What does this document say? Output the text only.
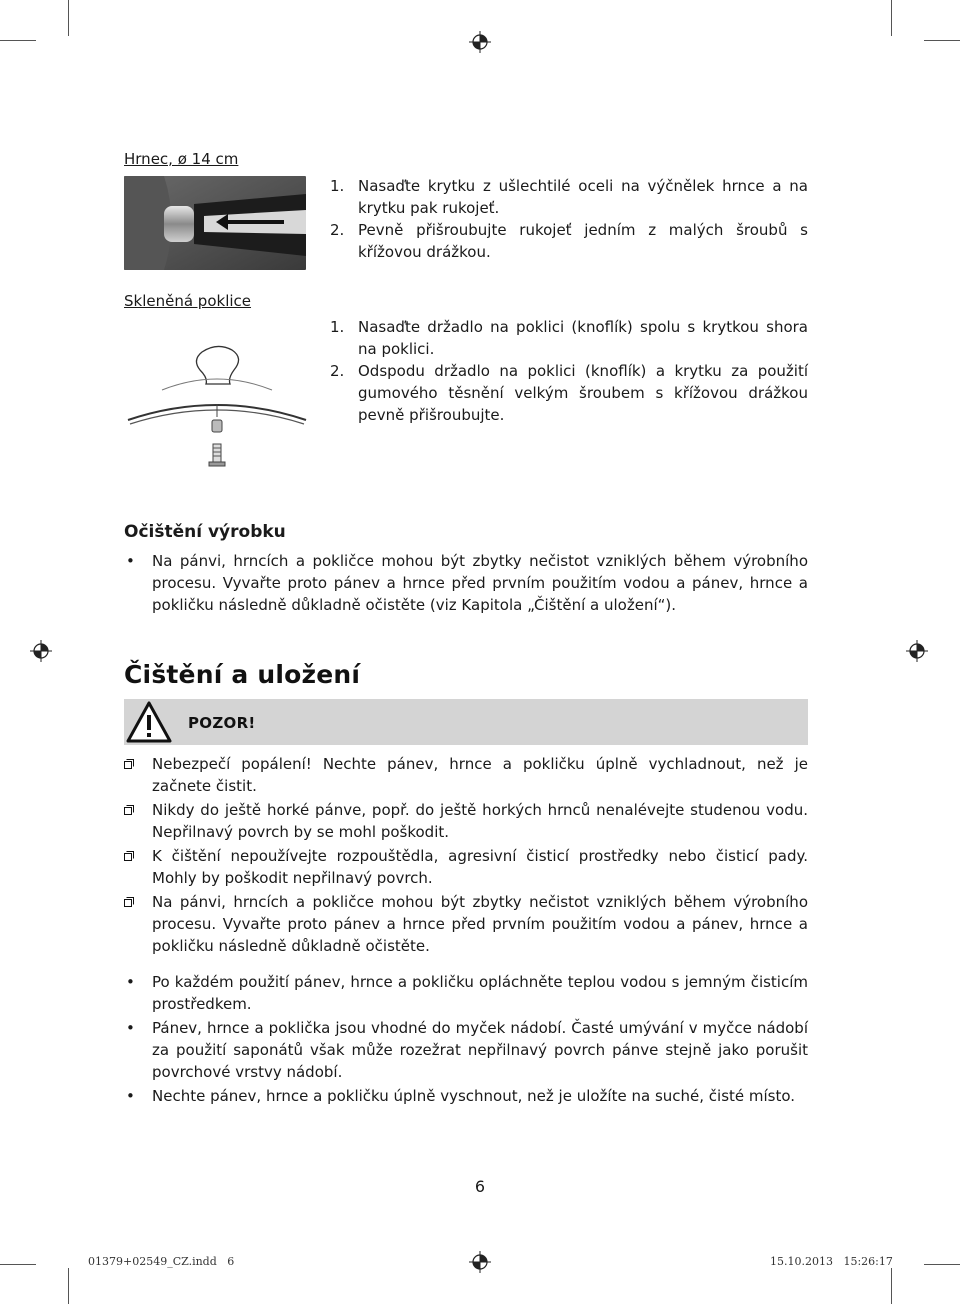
Hrnec, ø 14 cm
1. Nasaďte krytku z ušlechtilé oceli na výčnělek hrnce a na krytku pak rukojeť.
2. Pevně přišroubujte rukojeť jedním z malých šroubů s křížovou drážkou.
Skleněná poklice
1. Nasaďte držadlo na poklici (knoflík) spolu s krytkou shora na poklici.
2. Odspodu držadlo na poklici (knoflík) a krytku za použití gumového těsnění velkým šroubem s křížovou drážkou pevně přišroubujte.
Očištění výrobku
• Na pánvi, hrncích a pokličce mohou být zbytky nečistot vzniklých během výrobního procesu. Vyvařte proto pánev a hrnce před prvním použitím vodou a pánev, hrnce a pokličku následně důkladně očistěte (viz Kapitola „Čištění a uložení“).
Čištění a uložení
POZOR!
Nebezpečí popálení! Nechte pánev, hrnce a pokličku úplně vychladnout, než je začnete čistit.
Nikdy do ještě horké pánve, popř. do ještě horkých hrnců nenalévejte studenou vodu. Nepřilnavý povrch by se mohl poškodit.
K čištění nepoužívejte rozpouštědla, agresivní čisticí prostředky nebo čisticí pady. Mohly by poškodit nepřilnavý povrch.
Na pánvi, hrncích a pokličce mohou být zbytky nečistot vzniklých během výrobního procesu. Vyvařte proto pánev a hrnce před prvním použitím vodou a pánev, hrnce a pokličku následně důkladně očistěte.
• Po každém použití pánev, hrnce a pokličku opláchněte teplou vodou s jemným čisticím prostředkem.
• Pánev, hrnce a poklička jsou vhodné do myček nádobí. Časté umývání v myčce nádobí za použití saponátů však může rozežrat nepřilnavý povrch pánve stejně jako porušit povrchové vrstvy nádobí.
• Nechte pánev, hrnce a pokličku úplně vyschnout, než je uložíte na suché, čisté místo.
6
01379+02549_CZ.indd   6	15.10.2013   15:26:17
